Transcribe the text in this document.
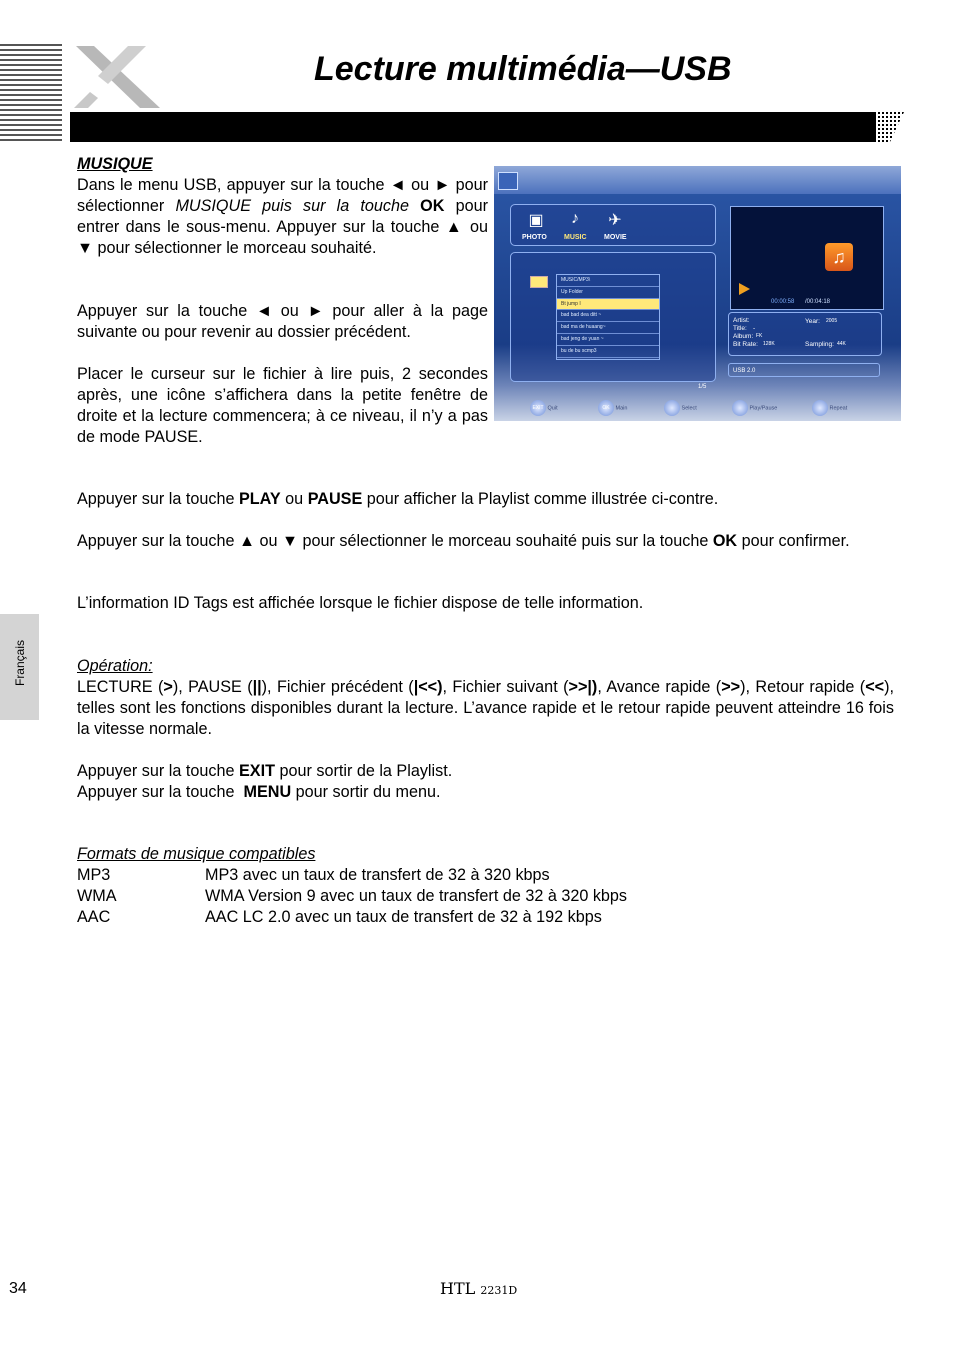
Lecture multimédia—USB
Français
MUSIQUE
Dans le menu USB, appuyer sur la touche ◄ ou ► pour sélectionner MUSIQUE puis sur la touche OK pour entrer dans le sous-menu. Appuyer sur la touche ▲ ou ▼ pour sélectionner le morceau souhaité.
Appuyer sur la touche ◄ ou ► pour aller à la page suivante ou pour revenir au dossier précédent.
Placer le curseur sur le fichier à lire puis, 2 secondes après, une icône s’affichera dans la petite fenêtre de droite et la lecture commencera; à ce niveau, il n’y a pas de mode PAUSE.
▣	♪	✈
PHOTO MUSIC MOVIE
MUSIC/MP3\
Up Folder
Bt jump I
bad bad dea ditt ~
bad ma de huaang~
bad jeng de yuan ~
bu de bu scmp3
1/5
♫
00:00:58 /00:04:18
Artist:
Title: -
Album: FK
Bit Rate: 128K
Year: 2005
Sampling: 44K
USB 2.0
EXIT Quit	OK Main	Select	Play/Pause	Repeat
Appuyer sur la touche PLAY ou PAUSE pour afficher la Playlist comme illustrée ci-contre.
Appuyer sur la touche ▲ ou ▼ pour sélectionner le morceau souhaité puis sur la touche OK pour confirmer.
L’information ID Tags est affichée lorsque le fichier dispose de telle information.
Opération:
LECTURE (>), PAUSE (||), Fichier précédent (|<<), Fichier suivant (>>|), Avance rapide (>>), Retour rapide (<<), telles sont les fonctions disponibles durant la lecture. L’avance rapide et le retour rapide peuvent atteindre 16 fois la vitesse normale.
Appuyer sur la touche EXIT pour sortir de la Playlist.
Appuyer sur la touche  MENU pour sortir du menu.
Formats de musique compatibles
MP3	MP3 avec un taux de transfert de 32 à 320 kbps
WMA	WMA Version 9 avec un taux de transfert de 32 à 320 kbps
AAC	AAC LC 2.0 avec un taux de transfert de 32 à 192 kbps
34	HTL 2231D
